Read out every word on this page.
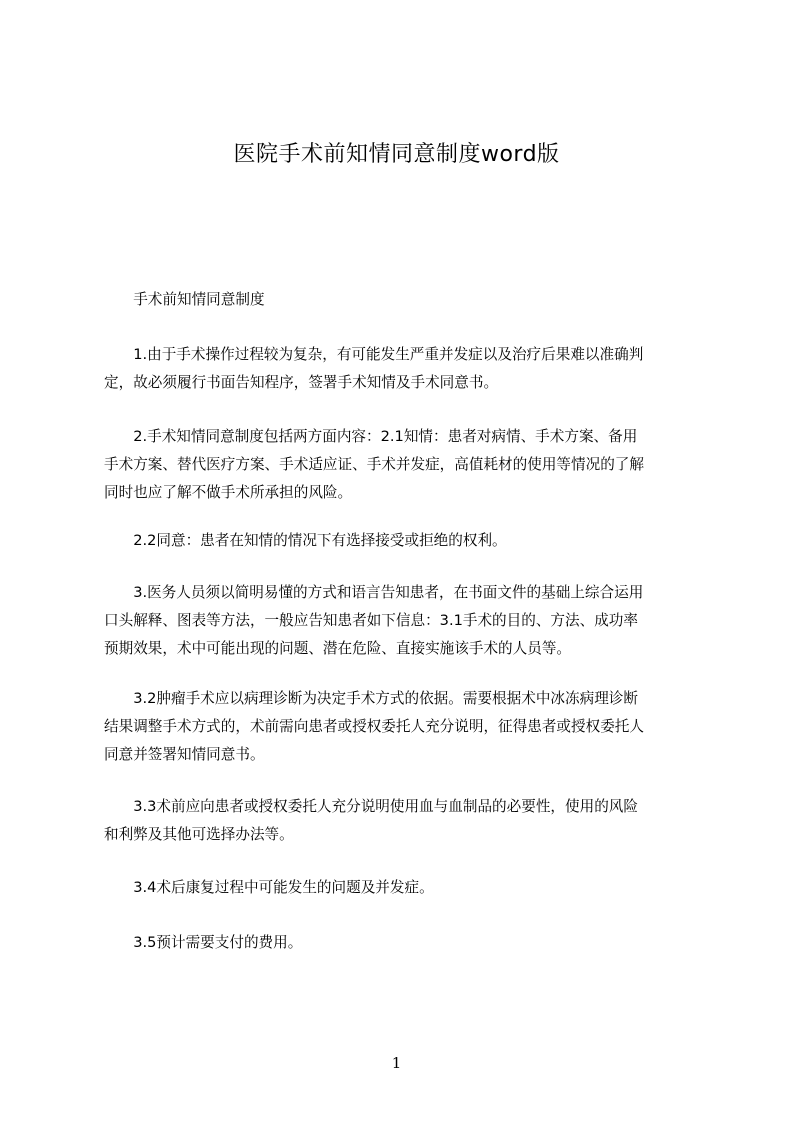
医院手术前知情同意制度word版
　　手术前知情同意制度
　　1.由于手术操作过程较为复杂，有可能发生严重并发症以及治疗后果难以准确判
定，故必须履行书面告知程序，签署手术知情及手术同意书。
　　2.手术知情同意制度包括两方面内容：2.1知情：患者对病情、手术方案、备用
手术方案、替代医疗方案、手术适应证、手术并发症，高值耗材的使用等情况的了解
同时也应了解不做手术所承担的风险。
　　2.2同意：患者在知情的情况下有选择接受或拒绝的权利。
　　3.医务人员须以简明易懂的方式和语言告知患者，在书面文件的基础上综合运用
口头解释、图表等方法，一般应告知患者如下信息：3.1手术的目的、方法、成功率
预期效果，术中可能出现的问题、潜在危险、直接实施该手术的人员等。
　　3.2肿瘤手术应以病理诊断为决定手术方式的依据。需要根据术中冰冻病理诊断
结果调整手术方式的，术前需向患者或授权委托人充分说明，征得患者或授权委托人
同意并签署知情同意书。
　　3.3术前应向患者或授权委托人充分说明使用血与血制品的必要性，使用的风险
和利弊及其他可选择办法等。
　　3.4术后康复过程中可能发生的问题及并发症。
　　3.5预计需要支付的费用。
1
